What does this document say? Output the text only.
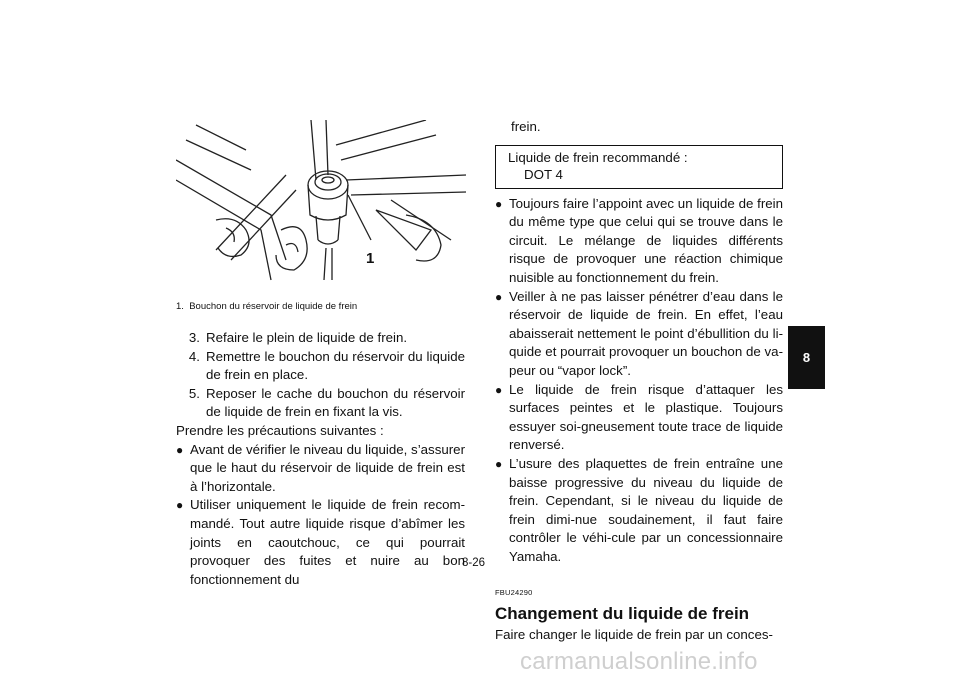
1
1. Bouchon du réservoir de liquide de frein
3. Refaire le plein de liquide de frein.
4. Remettre le bouchon du réservoir du liquide de frein en place.
5. Reposer le cache du bouchon du réservoir de liquide de frein en fixant la vis.

Prendre les précautions suivantes :

● Avant de vérifier le niveau du liquide, s’assurer que le haut du réservoir de liquide de frein est à l’horizontale.
● Utiliser uniquement le liquide de frein recom-mandé. Tout autre liquide risque d’abîmer les joints en caoutchouc, ce qui pourrait provoquer des fuites et nuire au bon fonctionnement du

frein.

Liquide de frein recommandé :
DOT 4
● Toujours faire l’appoint avec un liquide de frein du même type que celui qui se trouve dans le circuit. Le mélange de liquides différents risque de provoquer une réaction chimique nuisible au fonctionnement du frein.
● Veiller à ne pas laisser pénétrer d’eau dans le réservoir de liquide de frein. En effet, l’eau abaisserait nettement le point d’ébullition du li-quide et pourrait provoquer un bouchon de va-peur ou “vapor lock”.
● Le liquide de frein risque d’attaquer les surfaces peintes et le plastique. Toujours essuyer soi-gneusement toute trace de liquide renversé.
● L’usure des plaquettes de frein entraîne une baisse progressive du niveau du liquide de frein. Cependant, si le niveau du liquide de frein dimi-nue soudainement, il faut faire contrôler le véhi-cule par un concessionnaire Yamaha.
FBU24290
Changement du liquide de frein

Faire changer le liquide de frein par un conces-

8-26
8
carmanualsonline.info
